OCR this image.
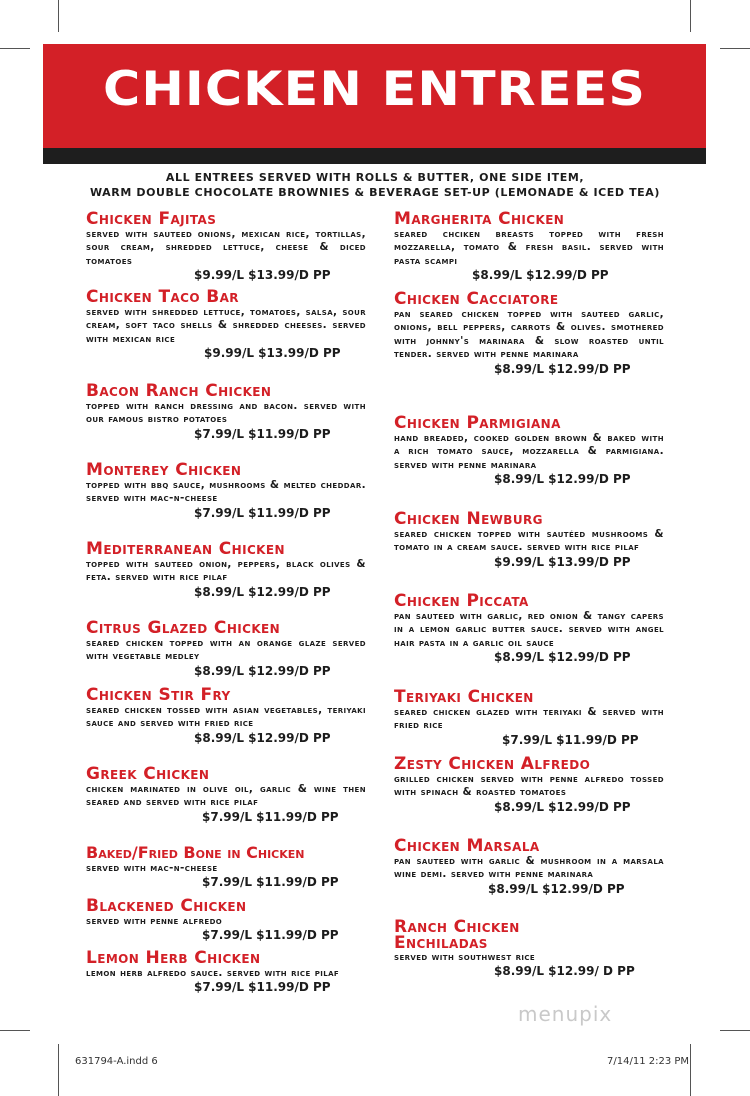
CHICKEN ENTREES
ALL ENTREES SERVED WITH ROLLS & BUTTER, ONE SIDE ITEM,
WARM DOUBLE CHOCOLATE BROWNIES & BEVERAGE SET-UP (LEMONADE & ICED TEA)
Chicken Fajitas
served with sauteed onions, mexican rice, tortillas, sour cream, shredded lettuce, cheese & diced tomatoes
$9.99/L $13.99/D PP
Chicken Taco Bar
served with shredded lettuce, tomatoes, salsa, sour cream, soft taco shells & shredded cheeses. served with mexican rice
$9.99/L $13.99/D PP
Bacon Ranch Chicken
topped with ranch dressing and bacon. served with our famous bistro potatoes
$7.99/L $11.99/D PP
Monterey Chicken
topped with bbq sauce, mushrooms & melted cheddar. served with mac-n-cheese
$7.99/L $11.99/D PP
Mediterranean Chicken
topped with sauteed onion, peppers, black olives & feta. served with rice pilaf
$8.99/L $12.99/D PP
Citrus Glazed Chicken
seared chicken topped with an orange glaze served with vegetable medley
$8.99/L $12.99/D PP
Chicken Stir Fry
seared chicken tossed with asian vegetables, teriyaki sauce and served with fried rice
$8.99/L $12.99/D PP
Greek Chicken
chicken marinated in olive oil, garlic & wine then seared and served with rice pilaf
$7.99/L $11.99/D PP
Baked/Fried Bone in Chicken
served with mac-n-cheese
$7.99/L $11.99/D PP
Blackened Chicken
served with penne alfredo
$7.99/L $11.99/D PP
Lemon Herb Chicken
lemon herb alfredo sauce. served with rice pilaf
$7.99/L $11.99/D PP
Margherita Chicken
seared chciken breasts topped with fresh mozzarella, tomato & fresh basil. served with pasta scampi
$8.99/L $12.99/D PP
Chicken Cacciatore
pan seared chicken topped with sauteed garlic, onions, bell peppers, carrots & olives. smothered with johnny's marinara & slow roasted until tender. served with penne marinara
$8.99/L $12.99/D PP
Chicken Parmigiana
hand breaded, cooked golden brown & baked with a rich tomato sauce, mozzarella & parmigiana. served with penne marinara
$8.99/L $12.99/D PP
Chicken Newburg
seared chicken topped with sautéed mushrooms & tomato in a cream sauce. served with rice pilaf
$9.99/L $13.99/D PP
Chicken Piccata
pan sauteed with garlic, red onion & tangy capers in a lemon garlic butter sauce. served with angel hair pasta in a garlic oil sauce
$8.99/L $12.99/D PP
Teriyaki Chicken
seared chicken glazed with teriyaki & served with fried rice
$7.99/L $11.99/D PP
Zesty Chicken Alfredo
grilled chicken served with penne alfredo tossed with spinach & roasted tomatoes
$8.99/L $12.99/D PP
Chicken Marsala
pan sauteed with garlic & mushroom in a marsala wine demi. served with penne marinara
$8.99/L $12.99/D PP
Ranch Chicken Enchiladas
served with southwest rice
$8.99/L $12.99/ D PP
menupix
631794-A.indd 6	7/14/11 2:23 PM
